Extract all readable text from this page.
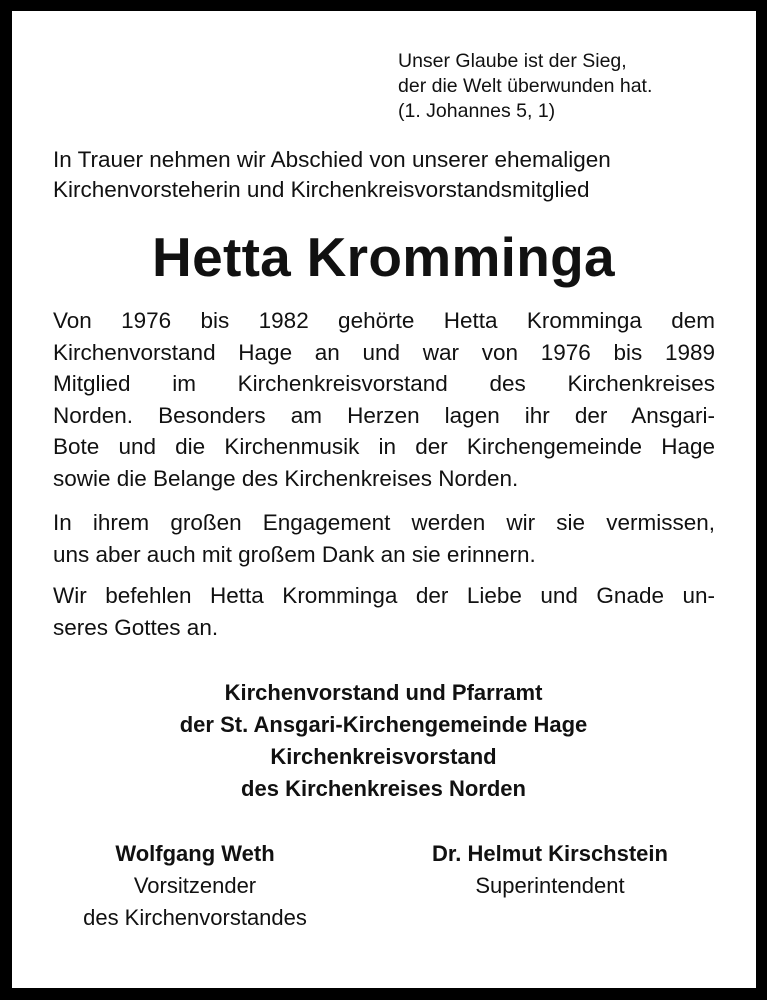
Unser Glaube ist der Sieg,
der die Welt überwunden hat.
(1. Johannes 5, 1)
In Trauer nehmen wir Abschied von unserer ehemaligen
Kirchenvorsteherin und Kirchenkreisvorstandsmitglied
Hetta Kromminga
Von 1976 bis 1982 gehörte Hetta Kromminga dem
Kirchenvorstand Hage an und war von 1976 bis 1989
Mitglied im Kirchenkreisvorstand des Kirchenkreises
Norden. Besonders am Herzen lagen ihr der Ansgari-
Bote und die Kirchenmusik in der Kirchengemeinde Hage
sowie die Belange des Kirchenkreises Norden.
In ihrem großen Engagement werden wir sie vermissen,
uns aber auch mit großem Dank an sie erinnern.
Wir befehlen Hetta Kromminga der Liebe und Gnade un-
seres Gottes an.
Kirchenvorstand und Pfarramt
der St. Ansgari-Kirchengemeinde Hage
Kirchenkreisvorstand
des Kirchenkreises Norden
Wolfgang Weth
Vorsitzender
des Kirchenvorstandes
Dr. Helmut Kirschstein
Superintendent
